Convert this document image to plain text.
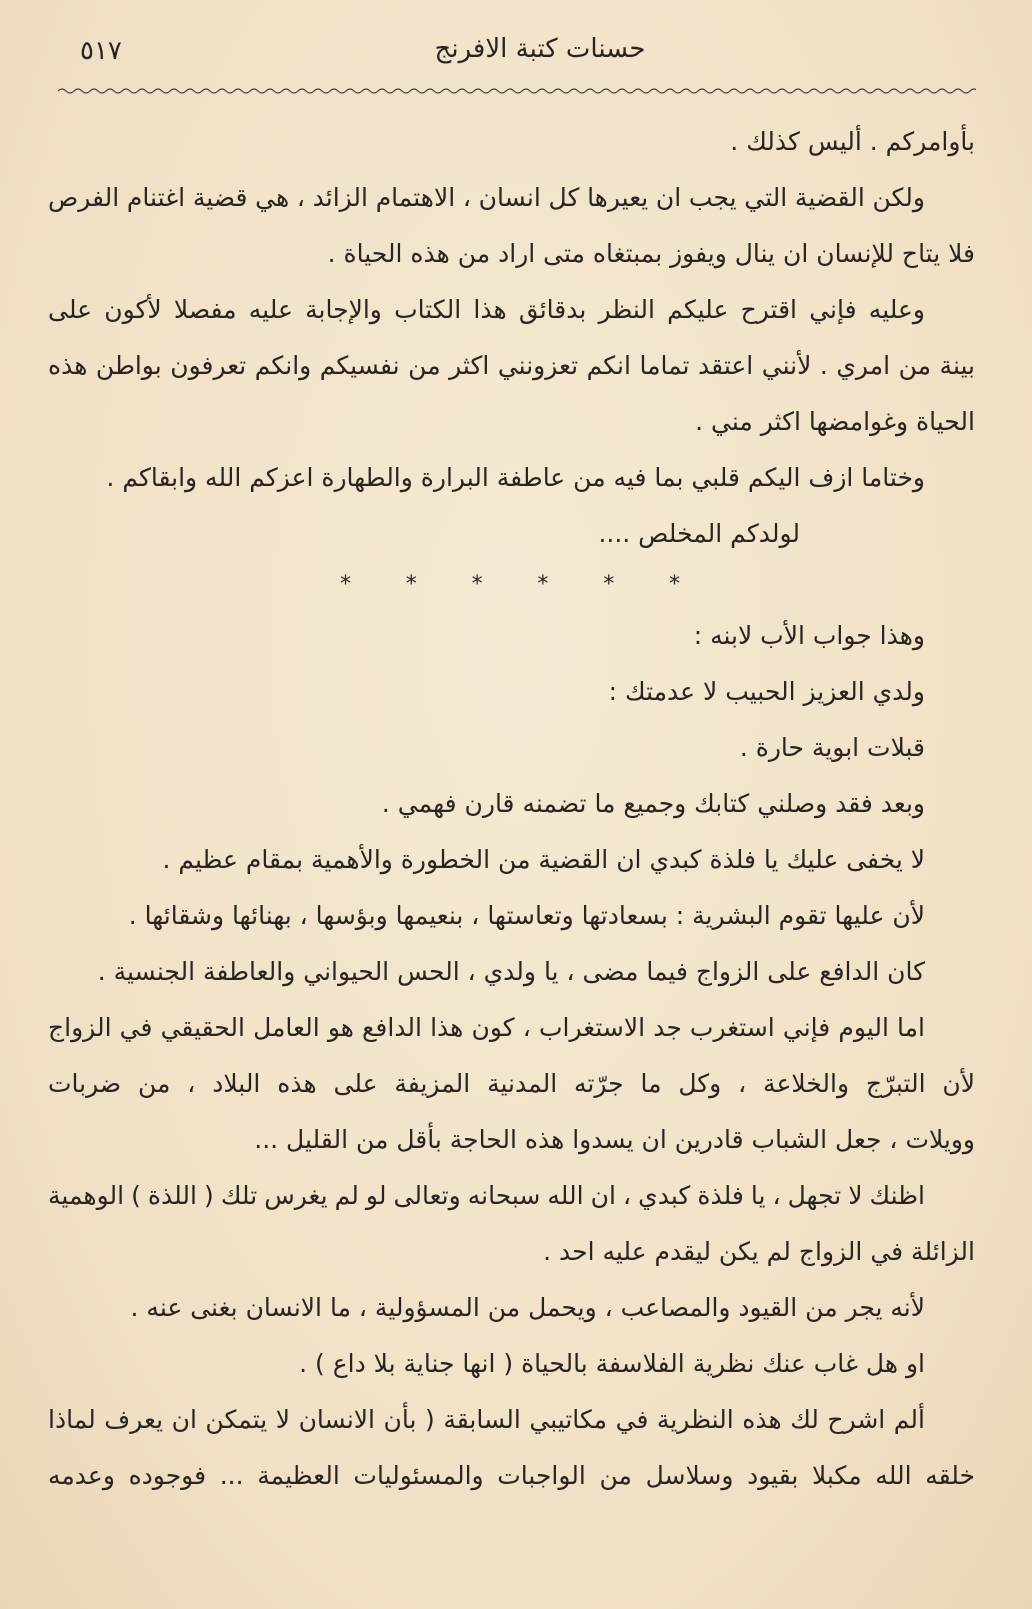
حسنات كتبة الافرنج
٥١٧
بأوامركم . أليس كذلك .
ولكن القضية التي يجب ان يعيرها كل انسان ، الاهتمام الزائد ، هي قضية اغتنام الفرص
فلا يتاح للإنسان ان ينال ويفوز بمبتغاه متى اراد من هذه الحياة .
وعليه فإني اقترح عليكم النظر بدقائق هذا الكتاب والإجابة عليه مفصلا لأكون على
بينة من امري . لأنني اعتقد تماما انكم تعزونني اكثر من نفسيكم وانكم تعرفون بواطن هذه
الحياة وغوامضها اكثر مني .
وختاما ازف اليكم قلبي بما فيه من عاطفة البرارة والطهارة اعزكم الله وابقاكم .
لولدكم المخلص ....
* * * * * *
وهذا جواب الأب لابنه :
ولدي العزيز الحبيب لا عدمتك :
قبلات ابوية حارة .
وبعد فقد وصلني كتابك وجميع ما تضمنه قارن فهمي .
لا يخفى عليك يا فلذة كبدي ان القضية من الخطورة والأهمية بمقام عظيم .
لأن عليها تقوم البشرية : بسعادتها وتعاستها ، بنعيمها وبؤسها ، بهنائها وشقائها .
كان الدافع على الزواج فيما مضى ، يا ولدي ، الحس الحيواني والعاطفة الجنسية .
اما اليوم فإني استغرب جد الاستغراب ، كون هذا الدافع هو العامل الحقيقي في الزواج
لأن التبرّج والخلاعة ، وكل ما جرّته المدنية المزيفة على هذه البلاد ، من ضربات
وويلات ، جعل الشباب قادرين ان يسدوا هذه الحاجة بأقل من القليل ...
اظنك لا تجهل ، يا فلذة كبدي ، ان الله سبحانه وتعالى لو لم يغرس تلك ( اللذة ) الوهمية
الزائلة في الزواج لم يكن ليقدم عليه احد .
لأنه يجر من القيود والمصاعب ، ويحمل من المسؤولية ، ما الانسان بغنى عنه .
او هل غاب عنك نظرية الفلاسفة بالحياة ( انها جناية بلا داع ) .
ألم اشرح لك هذه النظرية في مكاتيبي السابقة ( بأن الانسان لا يتمكن ان يعرف لماذا
خلقه الله مكبلا بقيود وسلاسل من الواجبات والمسئوليات العظيمة ... فوجوده وعدمه
